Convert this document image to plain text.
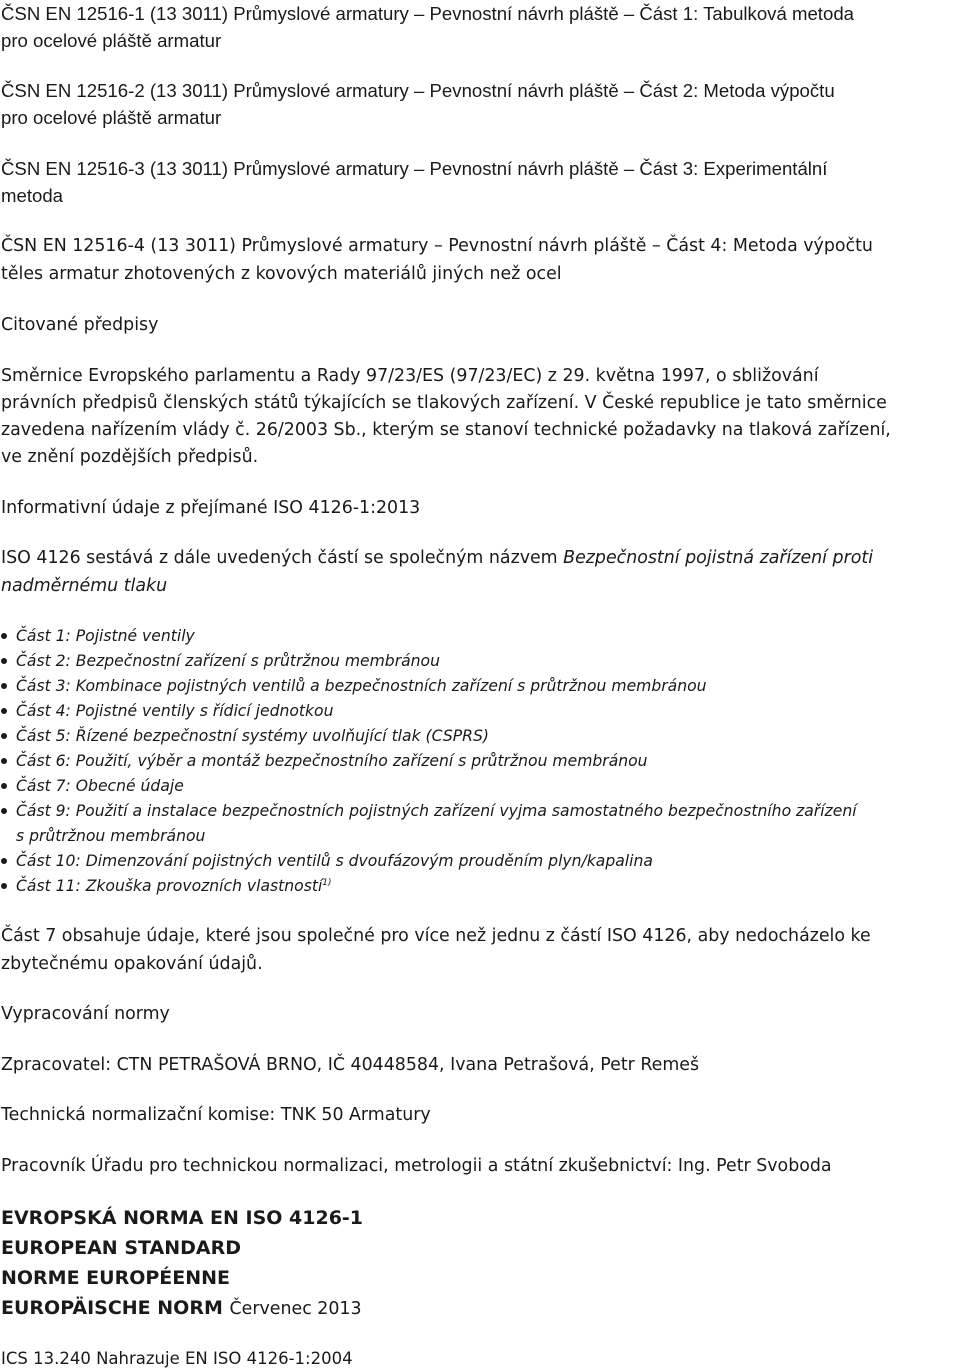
ČSN EN 12516-1 (13 3011) Průmyslové armatury – Pevnostní návrh pláště – Část 1: Tabulková metoda
pro ocelové pláště armatur
ČSN EN 12516-2 (13 3011) Průmyslové armatury – Pevnostní návrh pláště – Část 2: Metoda výpočtu
pro ocelové pláště armatur
ČSN EN 12516-3 (13 3011) Průmyslové armatury – Pevnostní návrh pláště – Část 3: Experimentální
metoda
ČSN EN 12516-4 (13 3011) Průmyslové armatury – Pevnostní návrh pláště – Část 4: Metoda výpočtu
těles armatur zhotovených z kovových materiálů jiných než ocel
Citované předpisy
Směrnice Evropského parlamentu a Rady 97/23/ES (97/23/EC) z 29. května 1997, o sbližování
právních předpisů členských států týkajících se tlakových zařízení. V České republice je tato směrnice
zavedena nařízením vlády č. 26/2003 Sb., kterým se stanoví technické požadavky na tlaková zařízení,
ve znění pozdějších předpisů.
Informativní údaje z přejímané ISO 4126-1:2013
ISO 4126 sestává z dále uvedených částí se společným názvem Bezpečnostní pojistná zařízení proti
nadměrnému tlaku
Část 1: Pojistné ventily
Část 2: Bezpečnostní zařízení s průtržnou membránou
Část 3: Kombinace pojistných ventilů a bezpečnostních zařízení s průtržnou membránou
Část 4: Pojistné ventily s řídicí jednotkou
Část 5: Řízené bezpečnostní systémy uvolňující tlak (CSPRS)
Část 6: Použití, výběr a montáž bezpečnostního zařízení s průtržnou membránou
Část 7: Obecné údaje
Část 9: Použití a instalace bezpečnostních pojistných zařízení vyjma samostatného bezpečnostního zařízení
s průtržnou membránou
Část 10: Dimenzování pojistných ventilů s dvoufázovým prouděním plyn/kapalina
Část 11: Zkouška provozních vlastností$^{1)}$
Část 7 obsahuje údaje, které jsou společné pro více než jednu z částí ISO 4126, aby nedocházelo ke
zbytečnému opakování údajů.
Vypracování normy
Zpracovatel: CTN PETRAŠOVÁ BRNO, IČ 40448584, Ivana Petrašová, Petr Remeš
Technická normalizační komise: TNK 50 Armatury
Pracovník Úřadu pro technickou normalizaci, metrologii a státní zkušebnictví: Ing. Petr Svoboda
EVROPSKÁ NORMA EN ISO 4126-1
EUROPEAN STANDARD
NORME EUROPÉENNE
EUROPÄISCHE NORM Červenec 2013
ICS 13.240 Nahrazuje EN ISO 4126-1:2004
